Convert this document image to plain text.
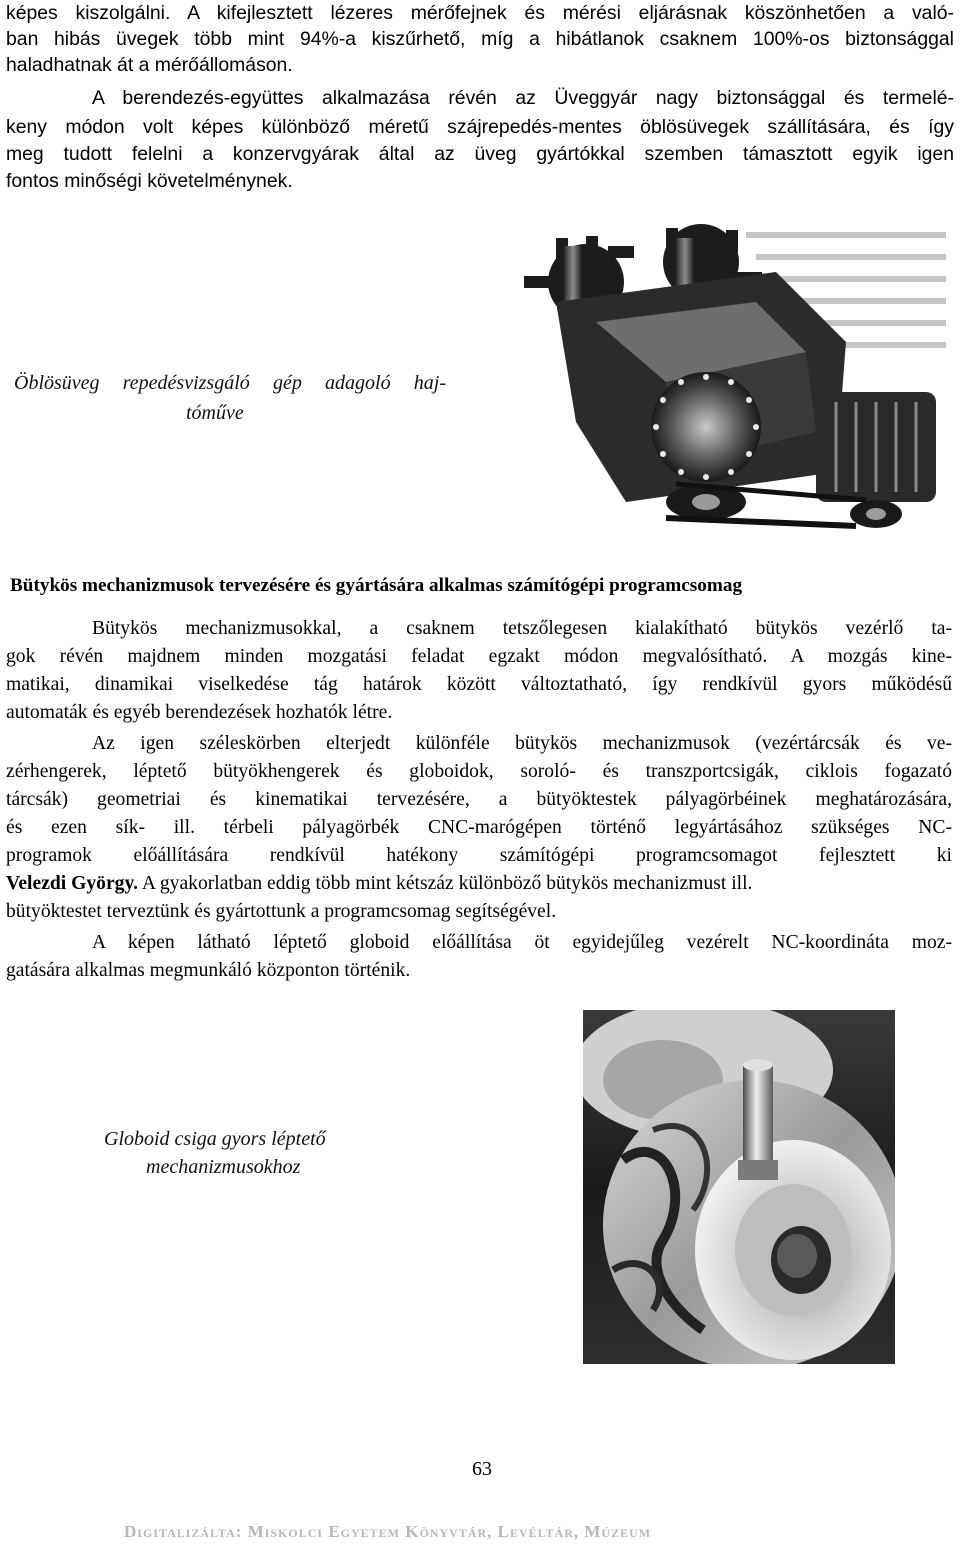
képes kiszolgálni. A kifejlesztett lézeres mérőfejnek és mérési eljárásnak köszönhetően a való-

ban hibás üvegek több mint 94%-a kiszűrhető, míg a hibátlanok csaknem 100%-os biztonsággal

haladhatnak át a mérőállomáson.

A berendezés-együttes alkalmazása révén az Üveggyár nagy biztonsággal és termelé-

keny módon volt képes különböző méretű szájrepedés-mentes öblösüvegek szállítására, és így

meg tudott felelni a konzervgyárak által az üveg gyártókkal szemben támasztott egyik igen

fontos minőségi követelménynek.

Öblösüveg repedésvizsgáló gép adagoló haj-

tóműve

Bütykös mechanizmusok tervezésére és gyártására alkalmas számítógépi programcsomag

Bütykös mechanizmusokkal, a csaknem tetszőlegesen kialakítható bütykös vezérlő ta-

gok révén majdnem minden mozgatási feladat egzakt módon megvalósítható. A mozgás kine-

matikai, dinamikai viselkedése tág határok között változtatható, így rendkívül gyors működésű

automaták és egyéb berendezések hozhatók létre.

Az igen széleskörben elterjedt különféle bütykös mechanizmusok (vezértárcsák és ve-

zérhengerek, léptető bütyökhengerek és globoidok, soroló- és transzportcsigák, ciklois fogazató

tárcsák) geometriai és kinematikai tervezésére, a bütyöktestek pályagörbéinek meghatározására,

és ezen sík- ill. térbeli pályagörbék CNC-marógépen történő legyártásához szükséges NC-

programok előállítására rendkívül hatékony számítógépi programcsomagot fejlesztett ki

Velezdi György. A gyakorlatban eddig több mint kétszáz különböző bütykös mechanizmust ill.

bütyöktestet terveztünk és gyártottunk a programcsomag segítségével.

A képen látható léptető globoid előállítása öt egyidejűleg vezérelt NC-koordináta moz-

gatására alkalmas megmunkáló központon történik.

Globoid csiga gyors léptető

mechanizmusokhoz

63

Digitalizálta: Miskolci Egyetem Könyvtár, Levéltár, Múzeum
